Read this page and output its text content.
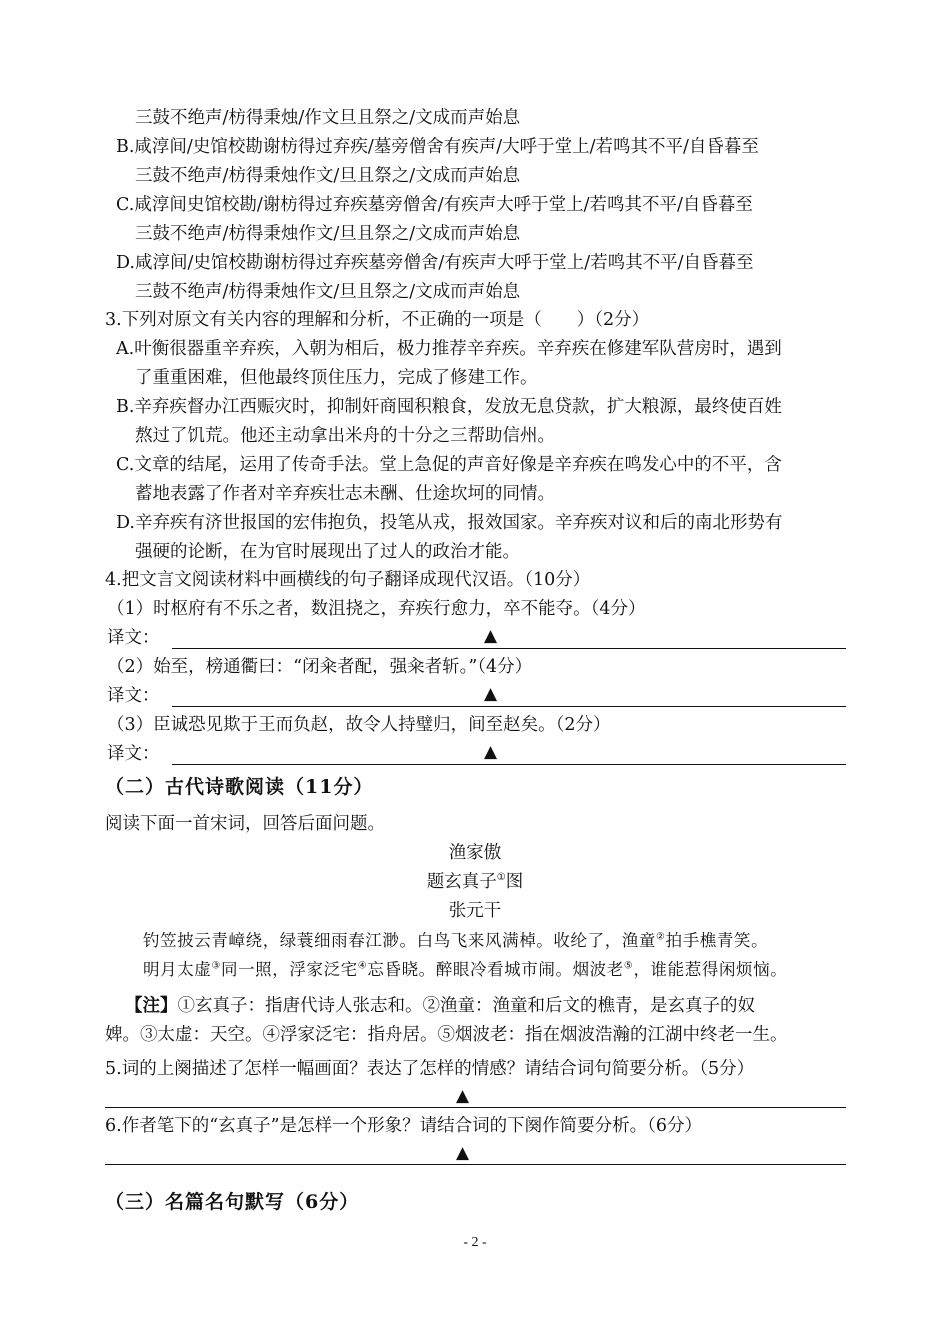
三鼓不绝声/枋得秉烛/作文旦且祭之/文成而声始息
B.咸淳间/史馆校勘谢枋得过弃疾/墓旁僧舍有疾声/大呼于堂上/若鸣其不平/自昏暮至
三鼓不绝声/枋得秉烛作文/旦且祭之/文成而声始息
C.咸淳间史馆校勘/谢枋得过弃疾墓旁僧舍/有疾声大呼于堂上/若鸣其不平/自昏暮至
三鼓不绝声/枋得秉烛作文/旦且祭之/文成而声始息
D.咸淳间/史馆校勘谢枋得过弃疾墓旁僧舍/有疾声大呼于堂上/若鸣其不平/自昏暮至
三鼓不绝声/枋得秉烛作文/旦且祭之/文成而声始息
3.下列对原文有关内容的理解和分析，不正确的一项是（　　）（2分）
A.叶衡很器重辛弃疾，入朝为相后，极力推荐辛弃疾。辛弃疾在修建军队营房时，遇到
了重重困难，但他最终顶住压力，完成了修建工作。
B.辛弃疾督办江西赈灾时，抑制奸商囤积粮食，发放无息贷款，扩大粮源，最终使百姓
熬过了饥荒。他还主动拿出米舟的十分之三帮助信州。
C.文章的结尾，运用了传奇手法。堂上急促的声音好像是辛弃疾在鸣发心中的不平，含
蓄地表露了作者对辛弃疾壮志未酬、仕途坎坷的同情。
D.辛弃疾有济世报国的宏伟抱负，投笔从戎，报效国家。辛弃疾对议和后的南北形势有
强硬的论断，在为官时展现出了过人的政治才能。
4.把文言文阅读材料中画横线的句子翻译成现代汉语。（10分）
（1）时枢府有不乐之者，数沮挠之，弃疾行愈力，卒不能夺。（4分）
译文：	▲
（2）始至，榜通衢曰：“闭籴者配，强籴者斩。”（4分）
译文：	▲
（3）臣诚恐见欺于王而负赵，故令人持璧归，间至赵矣。（2分）
译文：	▲
（二）古代诗歌阅读（11分）
阅读下面一首宋词，回答后面问题。
渔家傲
题玄真子①图
张元干
钓笠披云青嶂绕，绿蓑细雨春江渺。白鸟飞来风满棹。收纶了，渔童②拍手樵青笑。
明月太虚③同一照，浮家泛宅④忘昏晓。醉眼冷看城市闹。烟波老⑤，谁能惹得闲烦恼。
【注】①玄真子：指唐代诗人张志和。②渔童：渔童和后文的樵青，是玄真子的奴
婢。③太虚：天空。④浮家泛宅：指舟居。⑤烟波老：指在烟波浩瀚的江湖中终老一生。
5.词的上阕描述了怎样一幅画面？表达了怎样的情感？请结合词句简要分析。（5分）
▲
6.作者笔下的“玄真子”是怎样一个形象？请结合词的下阕作简要分析。（6分）
▲
（三）名篇名句默写（6分）
- 2 -
